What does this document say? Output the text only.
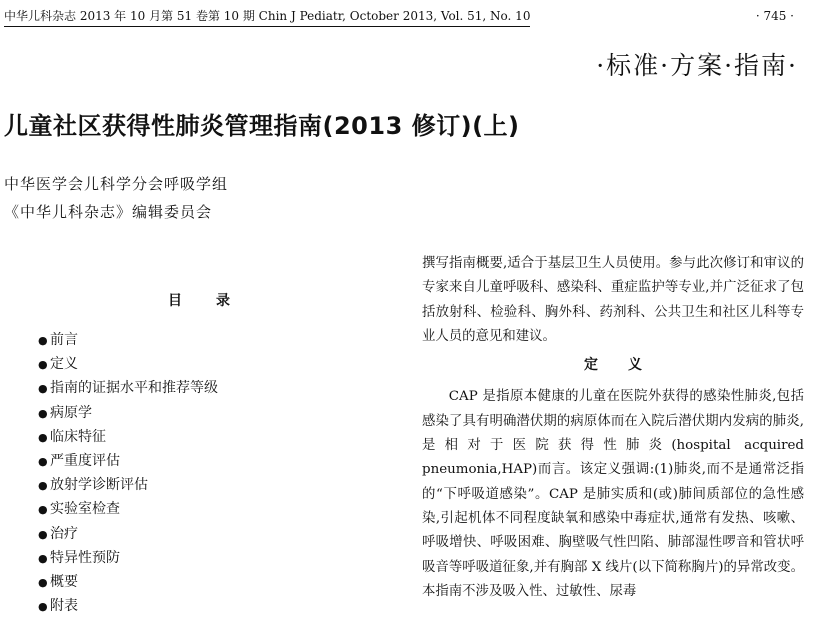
中华儿科杂志 2013 年 10 月第 51 卷第 10 期 Chin J Pediatr, October 2013, Vol. 51, No. 10	· 745 ·
·标准·方案·指南·
儿童社区获得性肺炎管理指南(2013 修订)(上)
中华医学会儿科学分会呼吸学组
《中华儿科杂志》编辑委员会
目录
● 前言
● 定义
● 指南的证据水平和推荐等级
● 病原学
● 临床特征
● 严重度评估
● 放射学诊断评估
● 实验室检查
● 治疗
● 特异性预防
● 概要
● 附表

撰写指南概要,适合于基层卫生人员使用。参与此次修订和审议的专家来自儿童呼吸科、感染科、重症监护等专业,并广泛征求了包括放射科、检验科、胸外科、药剂科、公共卫生和社区儿科等专业人员的意见和建议。

定义

CAP 是指原本健康的儿童在医院外获得的感染性肺炎,包括感染了具有明确潜伏期的病原体而在入院后潜伏期内发病的肺炎,是相对于医院获得性肺炎(hospital acquired pneumonia,HAP)而言。该定义强调:(1)肺炎,而不是通常泛指的“下呼吸道感染”。CAP 是肺实质和(或)肺间质部位的急性感染,引起机体不同程度缺氧和感染中毒症状,通常有发热、咳嗽、呼吸增快、呼吸困难、胸壁吸气性凹陷、肺部湿性啰音和管状呼吸音等呼吸道征象,并有胸部 X 线片(以下简称胸片)的异常改变。本指南不涉及吸入性、过敏性、尿毒
